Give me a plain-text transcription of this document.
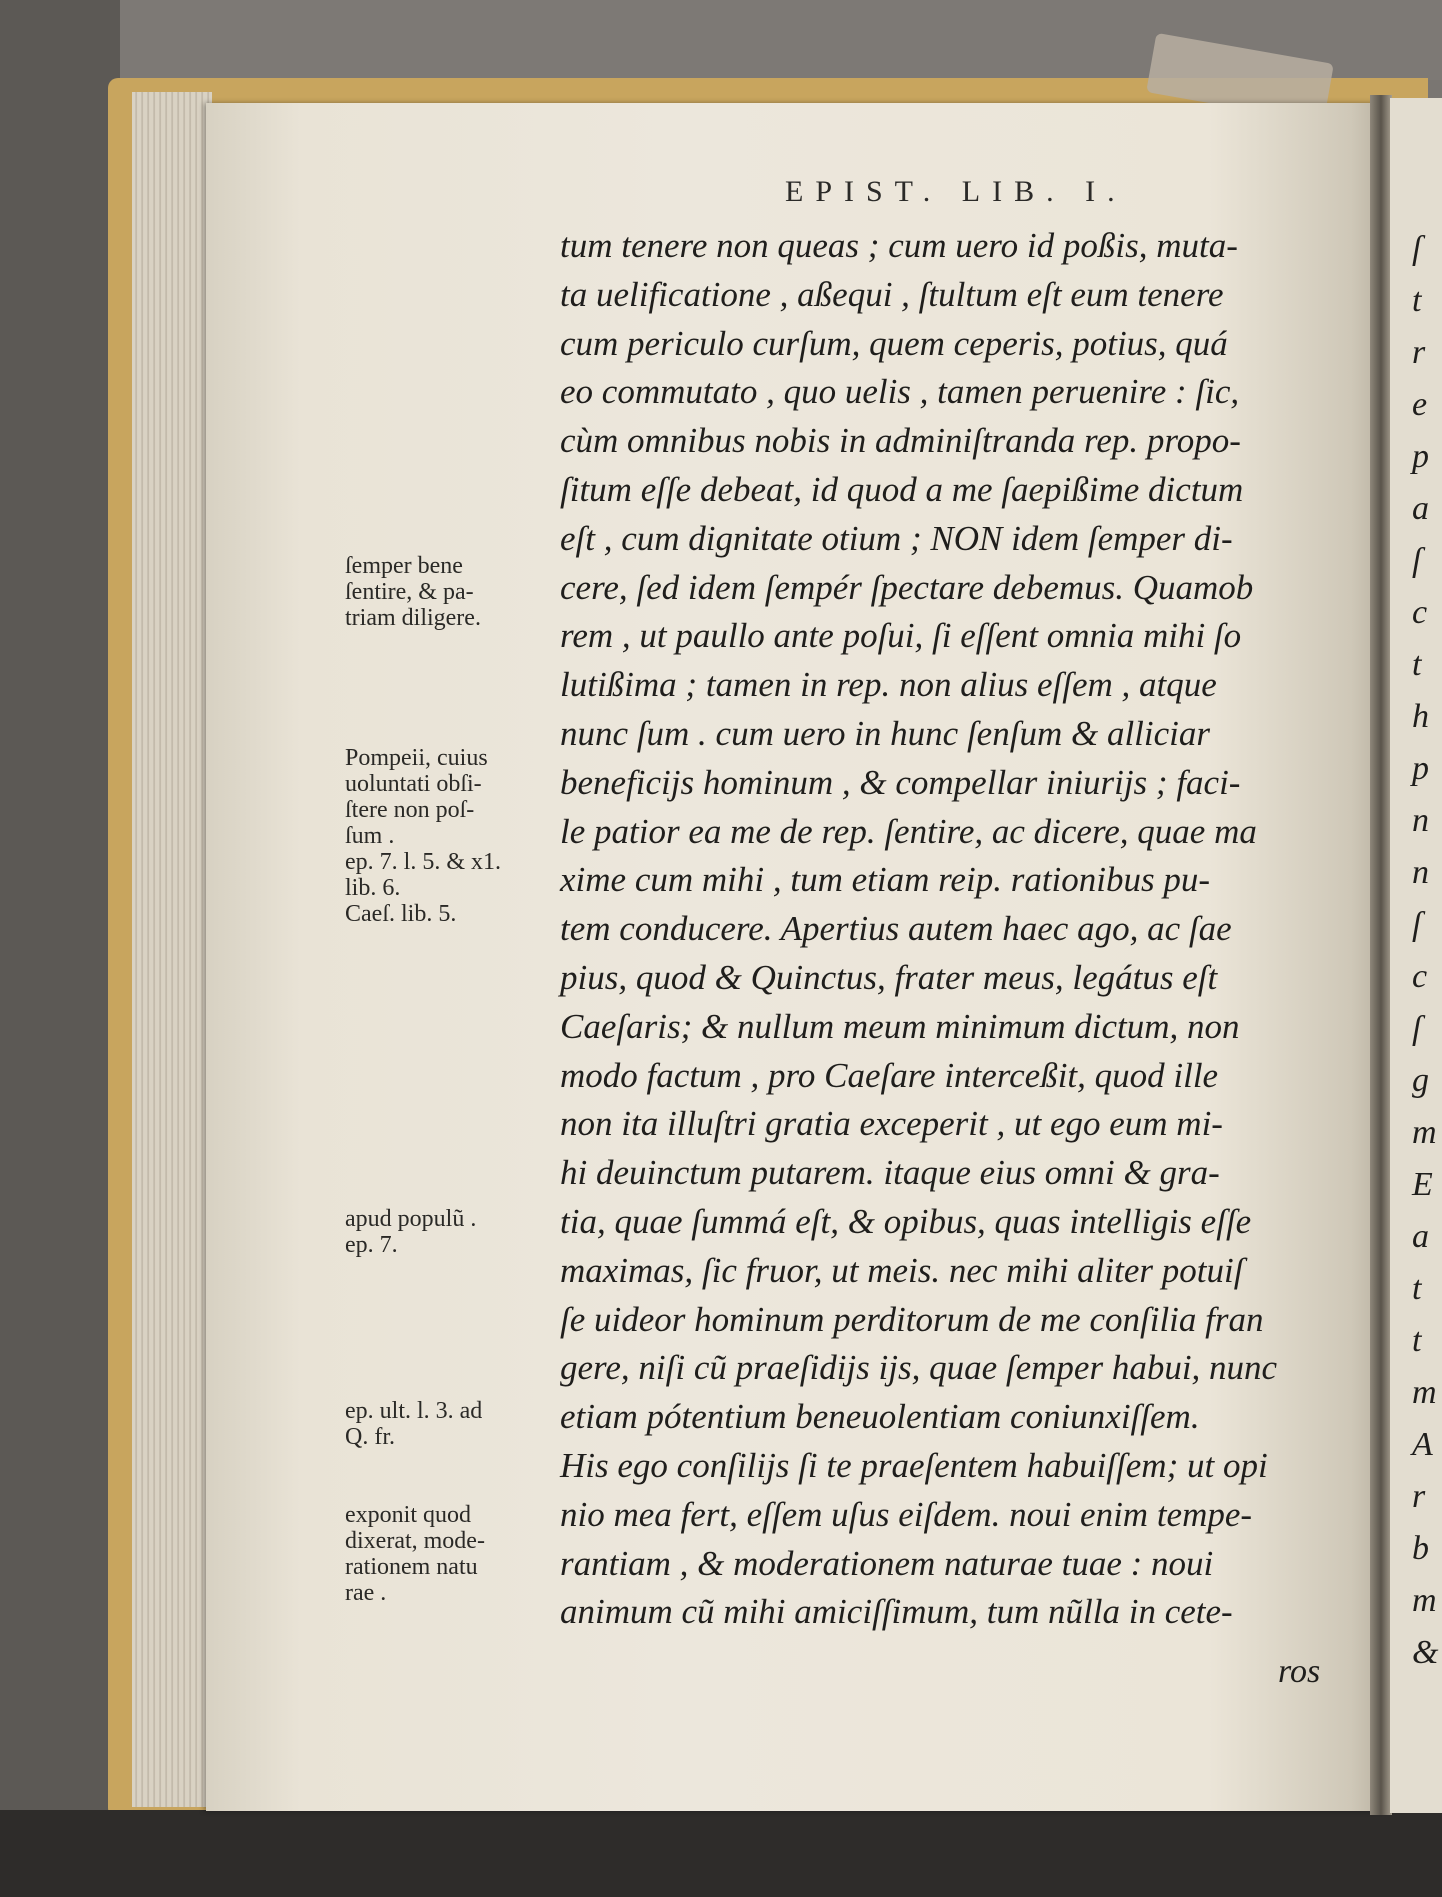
EPIST. LIB. I.
tum tenere non queas ; cum uero id poßis, muta-
ta uelificatione , aßequi , ſtultum eſt eum tenere
cum periculo curſum, quem ceperis, potius, quá
eo commutato , quo uelis , tamen peruenire : ſic,
cùm omnibus nobis in adminiſtranda rep. propo-
ſitum eſſe debeat, id quod a me ſaepißime dictum
eſt , cum dignitate otium ; NON idem ſemper di-
cere, ſed idem ſempér ſpectare debemus. Quamob
rem , ut paullo ante poſui, ſi eſſent omnia mihi ſo
lutißima ; tamen in rep. non alius eſſem , atque
nunc ſum . cum uero in hunc ſenſum & alliciar
beneficijs hominum , & compellar iniurijs ; faci-
le patior ea me de rep. ſentire, ac dicere, quae ma
xime cum mihi , tum etiam reip. rationibus pu-
tem conducere. Apertius autem haec ago, ac ſae
pius, quod & Quinctus, frater meus, legátus eſt
Caeſaris; & nullum meum minimum dictum, non
modo factum , pro Caeſare interceßit, quod ille
non ita illuſtri gratia exceperit , ut ego eum mi-
hi deuinctum putarem. itaque eius omni & gra-
tia, quae ſummá eſt, & opibus, quas intelligis eſſe
maximas, ſic fruor, ut meis. nec mihi aliter potuiſ
ſe uideor hominum perditorum de me conſilia fran
gere, niſi cũ praeſidijs ijs, quae ſemper habui, nunc
etiam pótentium beneuolentiam coniunxiſſem.
His ego conſilijs ſi te praeſentem habuiſſem; ut opi
nio mea fert, eſſem uſus eiſdem. noui enim tempe-
rantiam , & moderationem naturae tuae : noui
animum cũ mihi amiciſſimum, tum nũlla in cete-
ros
ſemper bene
ſentire, & pa-
triam diligere.
Pompeii, cuius
uoluntati obſi-
ſtere non poſ-
ſum .
ep. 7. l. 5. & x1.
lib. 6.
Caeſ. lib. 5.
apud populũ .
ep. 7.
ep. ult. l. 3. ad
Q. fr.
exponit quod
dixerat, mode-
rationem natu
rae .
ſ
t
r
e
p
a
ſ
c
t
h
p
n
n
ſ
c
ſ
g
m
E
a
t
t
m
A
r
b
m
&
